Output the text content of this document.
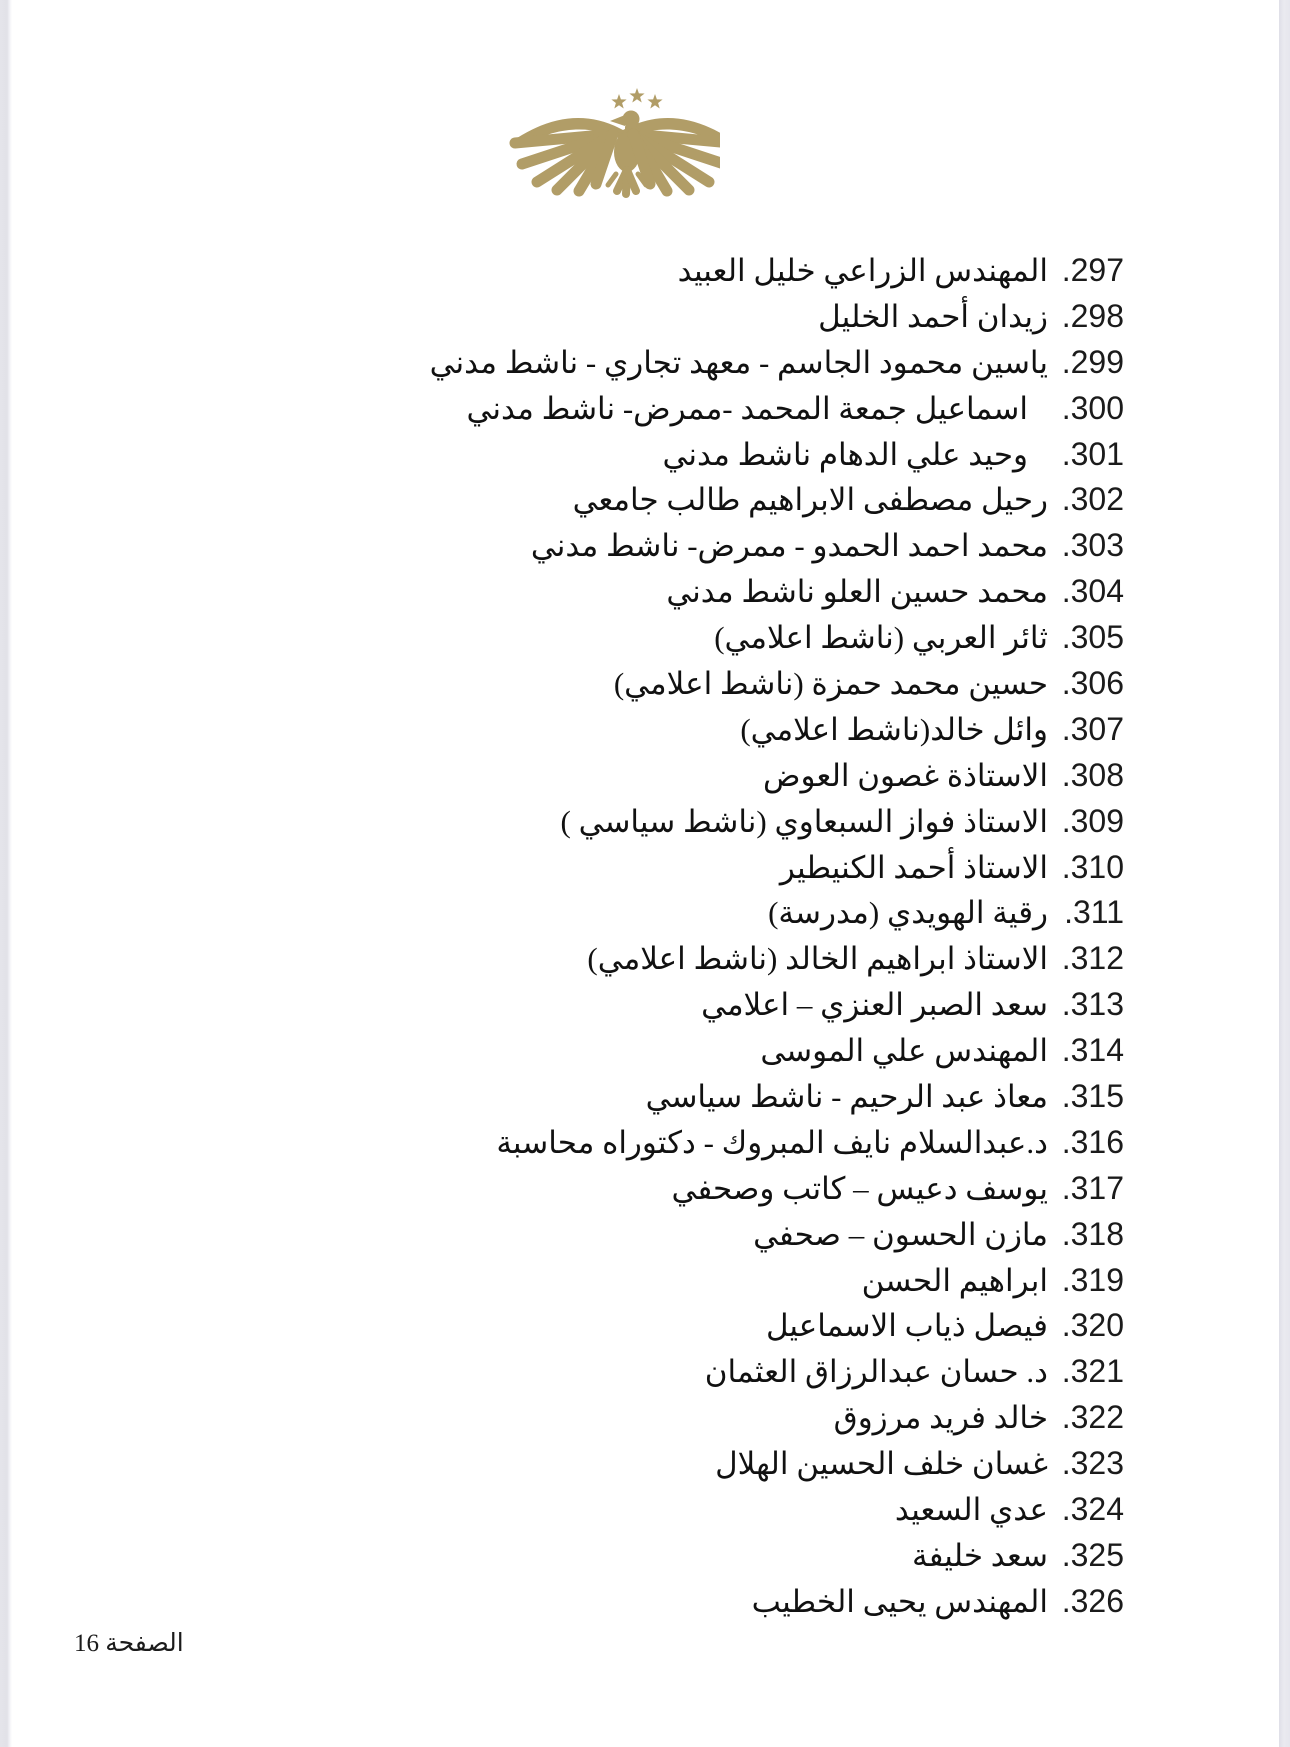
297.المهندس الزراعي خليل العبيد
298.زيدان أحمد الخليل
299.ياسين محمود الجاسم - معهد تجاري - ناشط مدني
300.اسماعيل جمعة المحمد -ممرض- ناشط مدني
301.وحيد علي الدهام ناشط مدني
302.رحيل مصطفى الابراهيم طالب جامعي
303.محمد احمد الحمدو - ممرض- ناشط مدني
304.محمد حسين العلو ناشط مدني
305.ثائر العربي (ناشط اعلامي)
306.حسين محمد حمزة (ناشط اعلامي)
307.وائل خالد(ناشط اعلامي)
308.الاستاذة غصون العوض
309.الاستاذ فواز السبعاوي (ناشط سياسي )
310.الاستاذ أحمد الكنيطير
311.رقية الهويدي (مدرسة)
312.الاستاذ ابراهيم الخالد (ناشط اعلامي)
313.سعد الصبر العنزي – اعلامي
314.المهندس علي الموسى
315.معاذ عبد الرحيم - ناشط سياسي
316.د.عبدالسلام نايف المبروك - دكتوراه محاسبة
317.يوسف دعيس – كاتب وصحفي
318.مازن الحسون – صحفي
319.ابراهيم الحسن
320.فيصل ذياب الاسماعيل
321.د. حسان عبدالرزاق العثمان
322.خالد فريد مرزوق
323.غسان خلف الحسين الهلال
324.عدي السعيد
325.سعد خليفة
326.المهندس يحيى الخطيب
الصفحة 16
